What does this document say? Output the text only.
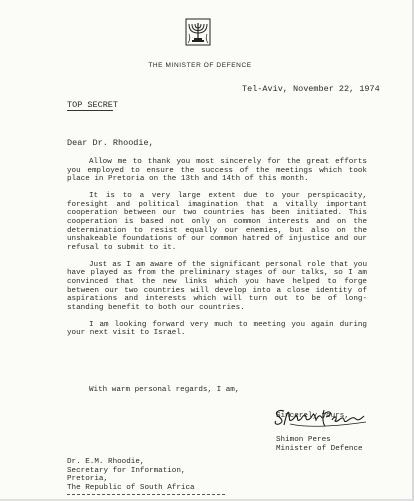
THE MINISTER OF DEFENCE
Tel-Aviv, November 22, 1974
TOP SECRET
Dear Dr. Rhoodie,

Allow me to thank you most sincerely for the great efforts you employed to ensure the success of the meetings which took place in Pretoria on the 13th and 14th of this month.

It is to a very large extent due to your perspicacity, foresight and political imagination that a vitally important cooperation between our two countries has been initiated. This cooperation is based not only on common interests and on the determination to resist equally our enemies, but also on the unshakeable foundations of our common hatred of injustice and our refusal to submit to it.

Just as I am aware of the significant personal role that you have played as from the preliminary stages of our talks, so I am convinced that the new links which you have helped to forge between our two countries will develop into a close identity of aspirations and interests which will turn out to be of long-standing benefit to both our countries.

I am looking forward very much to meeting you again during your next visit to Israel.

With warm personal regards, I am,
Sincerely yours,
Shimon Peres
Minister of Defence
Dr. E.M. Rhoodie,
Secretary for Information,
Pretoria,
The Republic of South Africa
